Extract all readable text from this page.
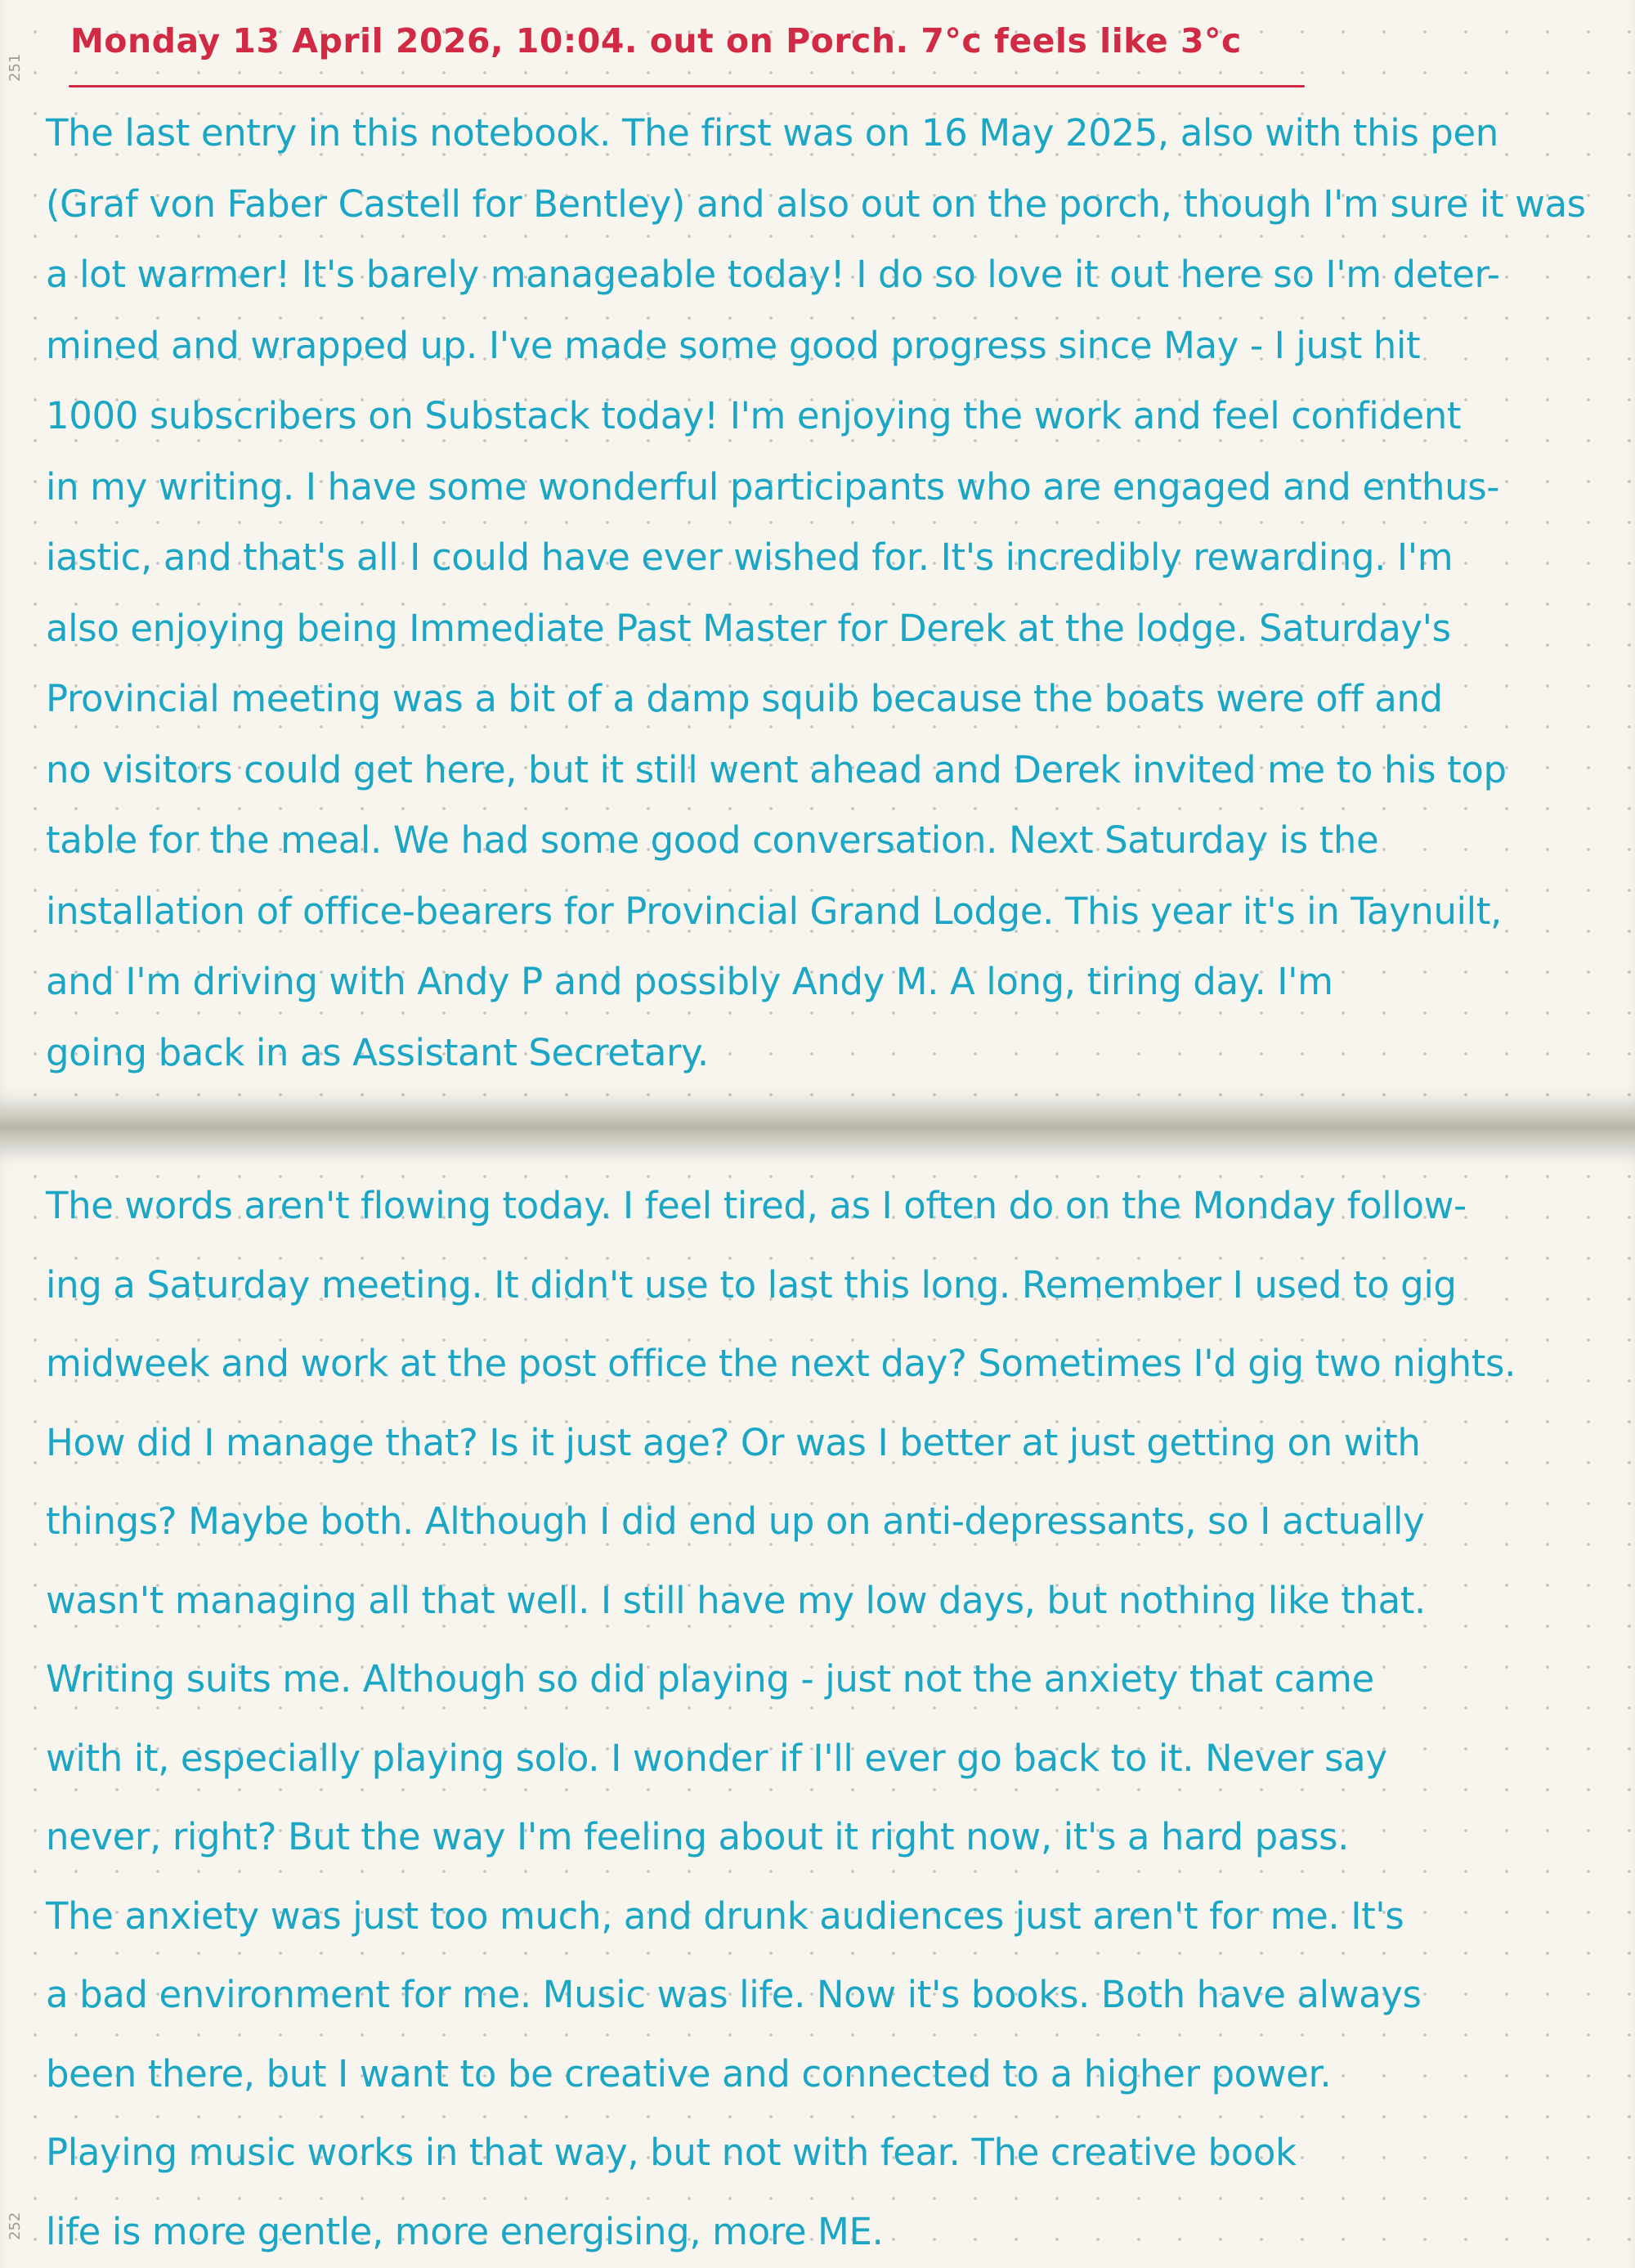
251
Monday 13 April 2026, 10:04. out on Porch. 7°c feels like 3°c
The last entry in this notebook. The first was on 16 May 2025, also with this pen
(Graf von Faber Castell for Bentley) and also out on the porch, though I'm sure it was
a lot warmer! It's barely manageable today! I do so love it out here so I'm deter-
mined and wrapped up. I've made some good progress since May - I just hit
1000 subscribers on Substack today! I'm enjoying the work and feel confident
in my writing. I have some wonderful participants who are engaged and enthus-
iastic, and that's all I could have ever wished for. It's incredibly rewarding. I'm
also enjoying being Immediate Past Master for Derek at the lodge. Saturday's
Provincial meeting was a bit of a damp squib because the boats were off and
no visitors could get here, but it still went ahead and Derek invited me to his top
table for the meal. We had some good conversation. Next Saturday is the
installation of office-bearers for Provincial Grand Lodge. This year it's in Taynuilt,
and I'm driving with Andy P and possibly Andy M. A long, tiring day. I'm
going back in as Assistant Secretary.
252
The words aren't flowing today. I feel tired, as I often do on the Monday follow-
ing a Saturday meeting. It didn't use to last this long. Remember I used to gig
midweek and work at the post office the next day? Sometimes I'd gig two nights.
How did I manage that? Is it just age? Or was I better at just getting on with
things? Maybe both. Although I did end up on anti-depressants, so I actually
wasn't managing all that well. I still have my low days, but nothing like that.
Writing suits me. Although so did playing - just not the anxiety that came
with it, especially playing solo. I wonder if I'll ever go back to it. Never say
never, right? But the way I'm feeling about it right now, it's a hard pass.
The anxiety was just too much, and drunk audiences just aren't for me. It's
a bad environment for me. Music was life. Now it's books. Both have always
been there, but I want to be creative and connected to a higher power.
Playing music works in that way, but not with fear. The creative book
life is more gentle, more energising, more ME.
